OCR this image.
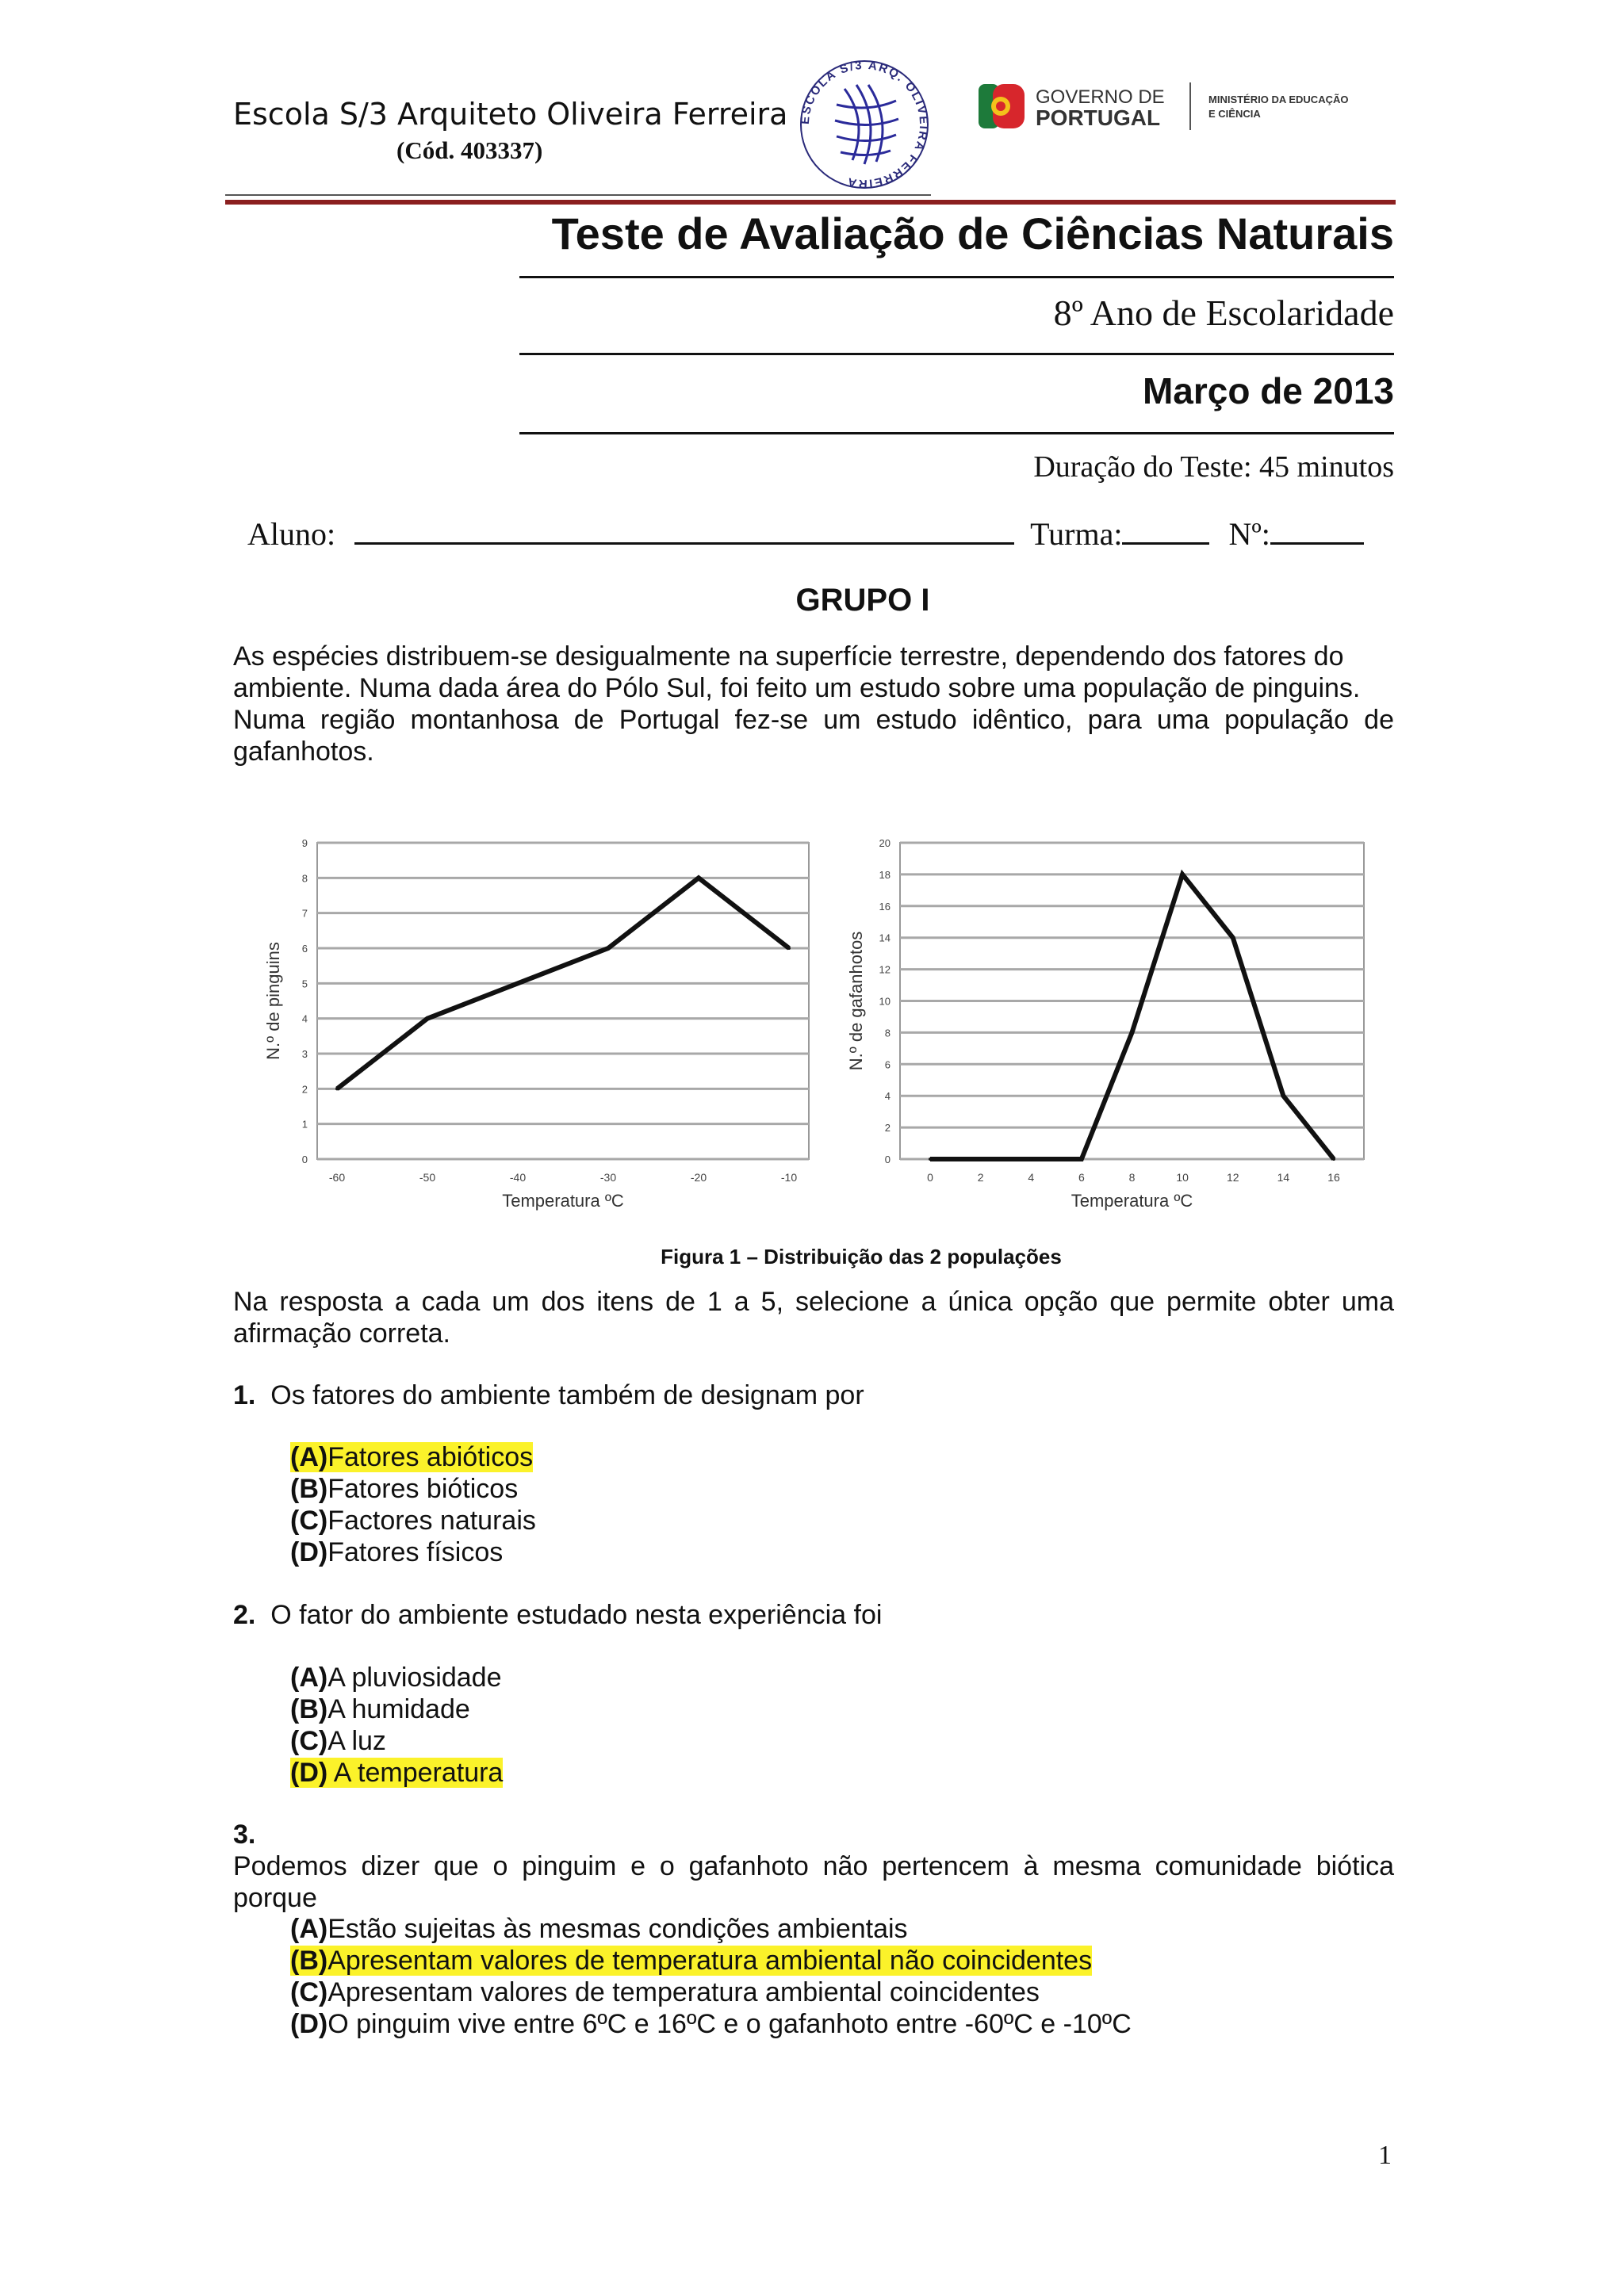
Escola S/3 Arquiteto Oliveira Ferreira
(Cód. 403337)
ESCOLA S/3 ARQ. OLIVEIRA FERREIRA
GOVERNO DE
PORTUGAL
MINISTÉRIO DA EDUCAÇÃO
E CIÊNCIA
Teste de Avaliação de Ciências Naturais
8º Ano de Escolaridade
Março de 2013
Duração do Teste: 45 minutos
Aluno:	Turma:	Nº:
GRUPO I
As espécies distribuem-se desigualmente na superfície terrestre, dependendo dos fatores do
ambiente. Numa dada área do Pólo Sul, foi feito um estudo sobre uma população de pinguins.
Numa região montanhosa de Portugal fez-se um estudo idêntico, para uma população de
gafanhotos.
0
1
2
3
4
5
6
7
8
9
-60	-50	-40	-30	-20	-10
Temperatura ºC
N.º de pinguins
0
2
4
6
8
10
12
14
16
18
20
0	2	4	6	8	10	12	14	16
Temperatura ºC
N.º de gafanhotos
Figura 1 – Distribuição das 2 populações
Na resposta a cada um dos itens de 1 a 5, selecione a única opção que permite obter uma
afirmação correta.
1. Os fatores do ambiente também de designam por
(A)Fatores abióticos
(B)Fatores bióticos
(C)Factores naturais
(D)Fatores físicos
2. O fator do ambiente estudado nesta experiência foi
(A)A pluviosidade
(B)A humidade
(C)A luz
(D) A temperatura
3.
Podemos dizer que o pinguim e o gafanhoto não pertencem à mesma comunidade biótica
porque
(A)Estão sujeitas às mesmas condições ambientais
(B)Apresentam valores de temperatura ambiental não coincidentes
(C)Apresentam valores de temperatura ambiental coincidentes
(D)O pinguim vive entre 6ºC e 16ºC e o gafanhoto entre -60ºC e -10ºC
1
